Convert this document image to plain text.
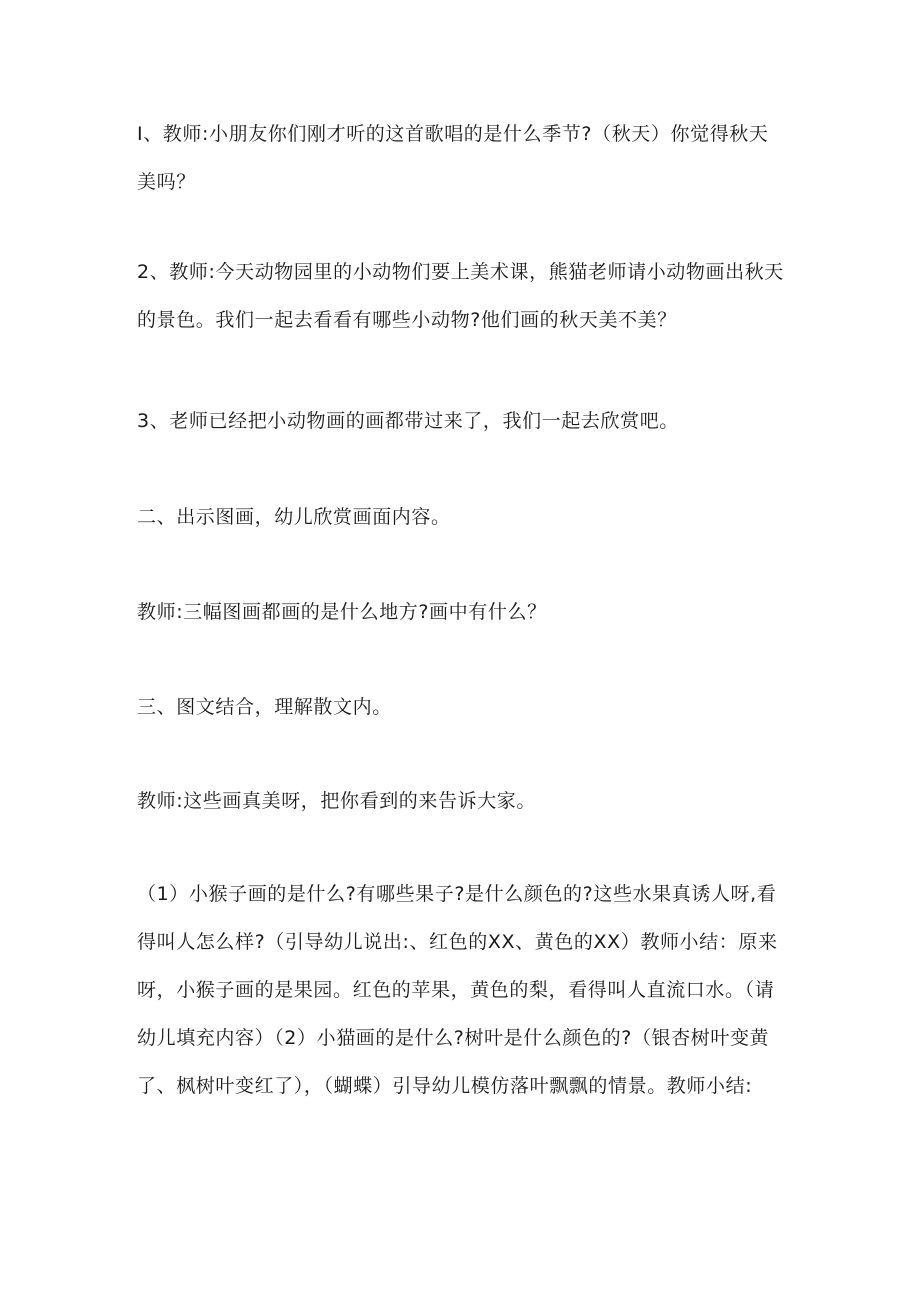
I、教师:小朋友你们刚才听的这首歌唱的是什么季节?（秋天）你觉得秋天美吗？

2、教师:今天动物园里的小动物们要上美术课，熊猫老师请小动物画出秋天的景色。我们一起去看看有哪些小动物?他们画的秋天美不美？

3、老师已经把小动物画的画都带过来了，我们一起去欣赏吧。

二、出示图画，幼儿欣赏画面内容。

教师:三幅图画都画的是什么地方?画中有什么？

三、图文结合，理解散文内。

教师:这些画真美呀，把你看到的来告诉大家。

（1）小猴子画的是什么?有哪些果子?是什么颜色的?这些水果真诱人呀,看得叫人怎么样?（引导幼儿说出:、红色的XX、黄色的XX）教师小结：原来呀，小猴子画的是果园。红色的苹果，黄色的梨，看得叫人直流口水。（请幼儿填充内容）（2）小猫画的是什么?树叶是什么颜色的?（银杏树叶变黄了、枫树叶变红了），（蝴蝶）引导幼儿模仿落叶飘飘的情景。教师小结:
